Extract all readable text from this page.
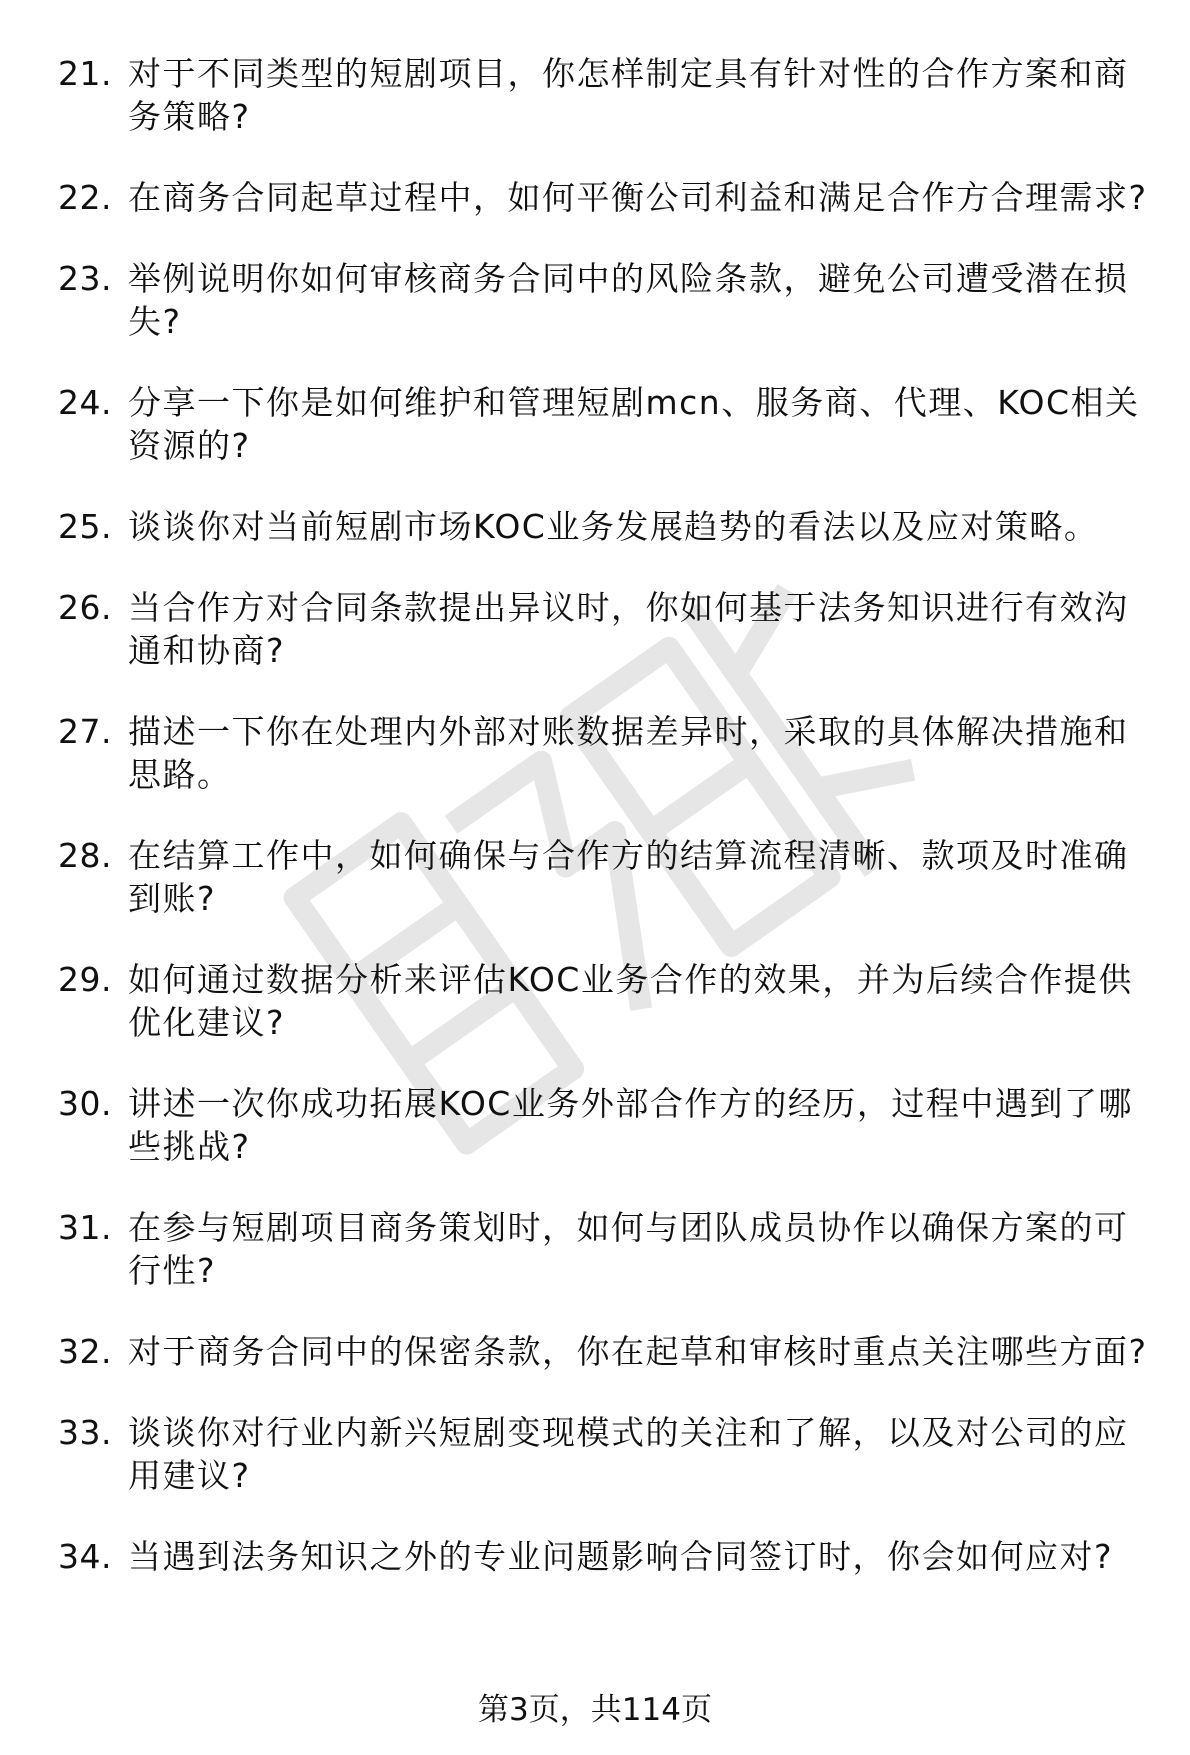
21. 对于不同类型的短剧项目，你怎样制定具有针对性的合作方案和商务策略?
22. 在商务合同起草过程中，如何平衡公司利益和满足合作方合理需求?
23. 举例说明你如何审核商务合同中的风险条款，避免公司遭受潜在损失?
24. 分享一下你是如何维护和管理短剧mcn、服务商、代理、KOC相关资源的?
25. 谈谈你对当前短剧市场KOC业务发展趋势的看法以及应对策略。
26. 当合作方对合同条款提出异议时，你如何基于法务知识进行有效沟通和协商?
27. 描述一下你在处理内外部对账数据差异时，采取的具体解决措施和思路。
28. 在结算工作中，如何确保与合作方的结算流程清晰、款项及时准确到账?
29. 如何通过数据分析来评估KOC业务合作的效果，并为后续合作提供优化建议?
30. 讲述一次你成功拓展KOC业务外部合作方的经历，过程中遇到了哪些挑战?
31. 在参与短剧项目商务策划时，如何与团队成员协作以确保方案的可行性?
32. 对于商务合同中的保密条款，你在起草和审核时重点关注哪些方面?
33. 谈谈你对行业内新兴短剧变现模式的关注和了解，以及对公司的应用建议?
34. 当遇到法务知识之外的专业问题影响合同签订时，你会如何应对?
第3页，共114页
